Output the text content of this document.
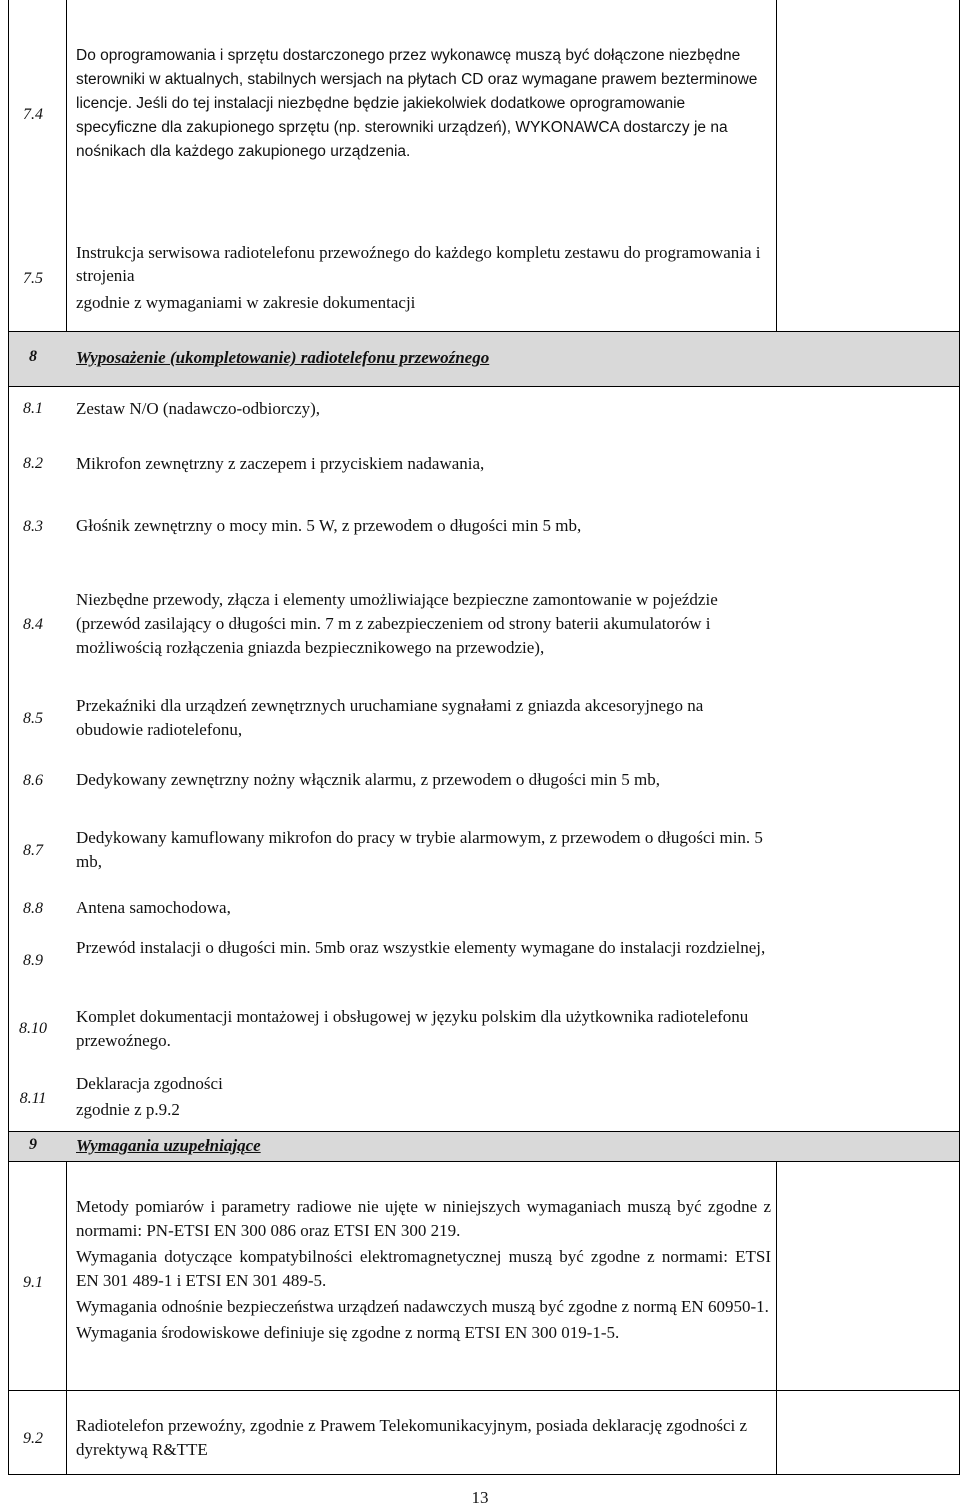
7.4
Do oprogramowania i sprzętu dostarczonego przez wykonawcę muszą być dołączone niezbędne sterowniki w aktualnych, stabilnych wersjach na płytach CD oraz wymagane prawem bezterminowe licencje. Jeśli do tej instalacji niezbędne będzie jakiekolwiek dodatkowe oprogramowanie specyficzne dla zakupionego sprzętu (np. sterowniki urządzeń), WYKONAWCA dostarczy je na nośnikach dla każdego zakupionego urządzenia.
7.5

Instrukcja serwisowa radiotelefonu przewoźnego do każdego kompletu zestawu do programowania i strojenia

zgodnie z wymaganiami w zakresie dokumentacji

8	Wyposażenie (ukompletowanie) radiotelefonu przewoźnego
8.1	Zestaw N/O (nadawczo-odbiorczy),
8.2	Mikrofon zewnętrzny z zaczepem i przyciskiem nadawania,
8.3	Głośnik zewnętrzny o mocy min. 5 W, z przewodem o długości min 5 mb,
8.4
Niezbędne przewody, złącza i elementy umożliwiające bezpieczne zamontowanie w pojeździe (przewód zasilający o długości min. 7 m z zabezpieczeniem od strony baterii akumulatorów i możliwością rozłączenia gniazda bezpiecznikowego na przewodzie),
8.5
Przekaźniki dla urządzeń zewnętrznych uruchamiane sygnałami z gniazda akcesoryjnego na obudowie radiotelefonu,
8.6	Dedykowany zewnętrzny nożny włącznik alarmu, z przewodem o długości min 5 mb,
8.7
Dedykowany kamuflowany mikrofon do pracy w trybie alarmowym, z przewodem o długości min. 5 mb,
8.8	Antena samochodowa,
8.9
Przewód instalacji o długości min. 5mb oraz wszystkie elementy wymagane do instalacji rozdzielnej,
8.10
Komplet dokumentacji montażowej i obsługowej w języku polskim dla użytkownika radiotelefonu przewoźnego.
8.11

Deklaracja zgodności

zgodnie z p.9.2

9	Wymagania uzupełniające
9.1

Metody pomiarów i parametry radiowe nie ujęte w niniejszych wymaganiach muszą być zgodne z normami: PN-ETSI EN 300 086 oraz ETSI EN 300 219.

Wymagania dotyczące kompatybilności elektromagnetycznej muszą być zgodne z normami: ETSI EN 301 489-1 i ETSI EN 301 489-5.

Wymagania odnośnie bezpieczeństwa urządzeń nadawczych muszą być zgodne z normą EN 60950-1.

Wymagania środowiskowe definiuje się zgodne z normą ETSI EN 300 019-1-5.

9.2
Radiotelefon przewoźny, zgodnie z Prawem Telekomunikacyjnym, posiada deklarację zgodności z dyrektywą R&TTE
13
